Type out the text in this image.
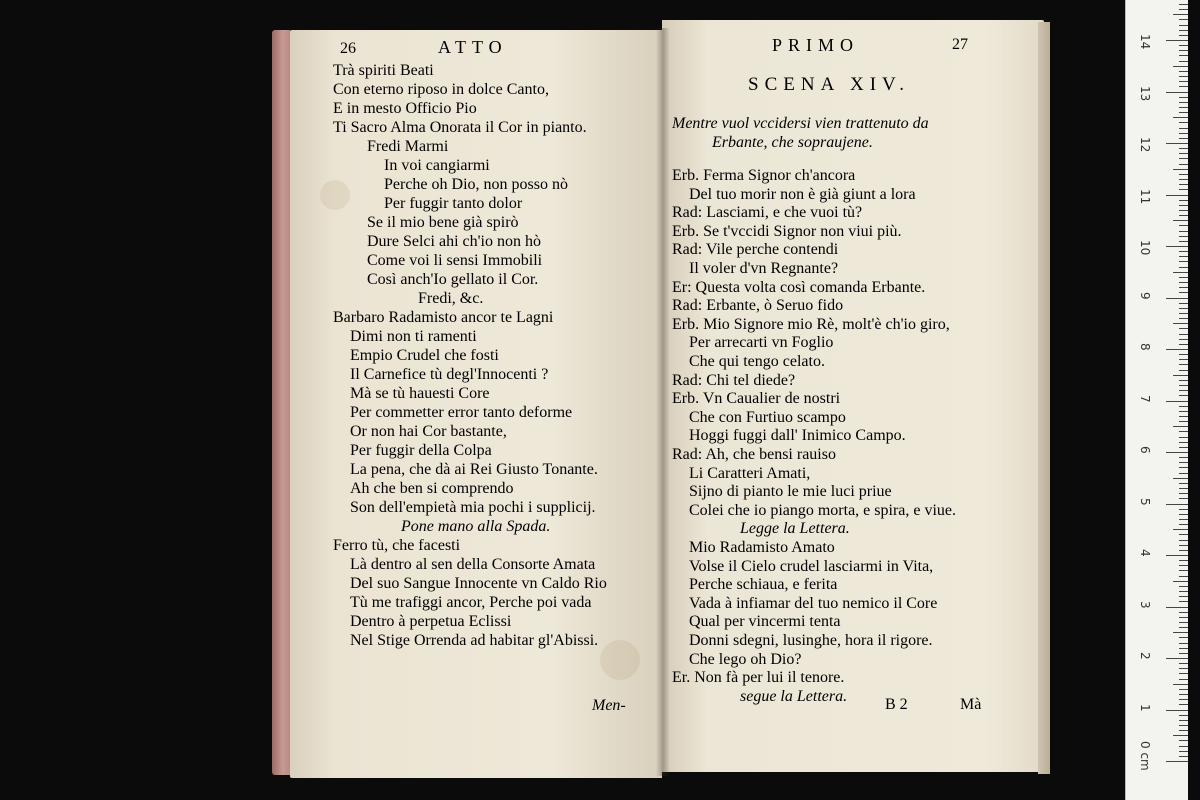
26	ATTO
Trà spiriti Beati
Con eterno riposo in dolce Canto,
E in mesto Officio Pio
Ti Sacro Alma Onorata il Cor in pianto.
Fredi Marmi
In voi cangiarmi
Perche oh Dio, non posso nò
Per fuggir tanto dolor
Se il mio bene già spirò
Dure Selci ahi ch'io non hò
Come voi li sensi Immobili
Così anch'Io gellato il Cor.
Fredi, &c.
Barbaro Radamisto ancor te Lagni
Dimi non ti ramenti
Empio Crudel che fosti
Il Carnefice tù degl'Innocenti ?
Mà se tù hauesti Core
Per commetter error tanto deforme
Or non hai Cor bastante,
Per fuggir della Colpa
La pena, che dà ai Rei Giusto Tonante.
Ah che ben si comprendo
Son dell'empietà mia pochi i supplicij.
Pone mano alla Spada.
Ferro tù, che facesti
Là dentro al sen della Consorte Amata
Del suo Sangue Innocente vn Caldo Rio
Tù me trafiggi ancor, Perche poi vada
Dentro à perpetua Eclissi
Nel Stige Orrenda ad habitar gl'Abissi.
Men-
PRIMO	27
SCENA XIV.
Mentre vuol vccidersi vien trattenuto da
Erbante, che sopraujene.
Erb. Ferma Signor ch'ancora
Del tuo morir non è già giunt a lora
Rad: Lasciami, e che vuoi tù?
Erb. Se t'vccidi Signor non viui più.
Rad: Vile perche contendi
Il voler d'vn Regnante?
Er: Questa volta così comanda Erbante.
Rad: Erbante, ò Seruo fido
Erb. Mio Signore mio Rè, molt'è ch'io giro,
Per arrecarti vn Foglio
Che qui tengo celato.
Rad: Chi tel diede?
Erb. Vn Caualier de nostri
Che con Furtiuo scampo
Hoggi fuggi dall' Inimico Campo.
Rad: Ah, che bensi rauiso
Li Caratteri Amati,
Sijno di pianto le mie luci priue
Colei che io piango morta, e spira, e viue.
Legge la Lettera.
Mio Radamisto Amato
Volse il Cielo crudel lasciarmi in Vita,
Perche schiaua, e ferita
Vada à infiamar del tuo nemico il Core
Qual per vincermi tenta
Donni sdegni, lusinghe, hora il rigore.
Che lego oh Dio?
Er. Non fà per lui il tenore.
segue la Lettera. B 2	Mà	1
2
3
4
5
6
7
8
9
10
11
12
13
14
0 cm
